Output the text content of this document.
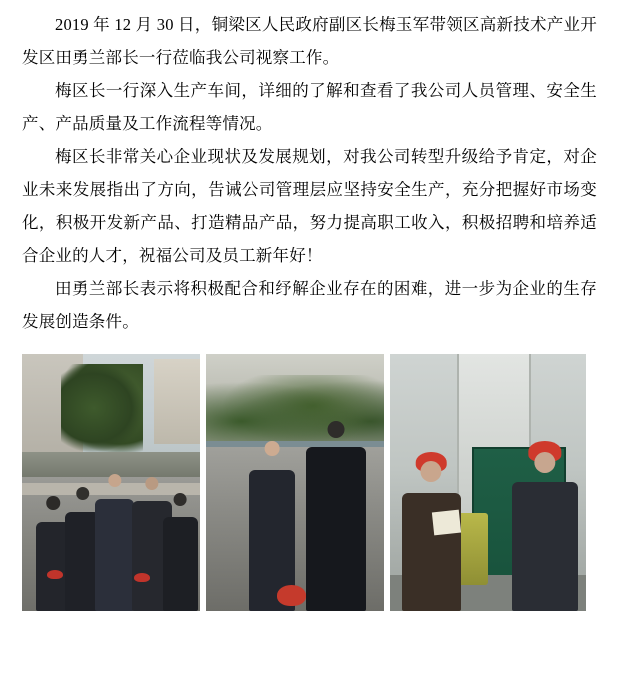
2019 年 12 月 30 日，铜梁区人民政府副区长梅玉军带领区高新技术产业开发区田勇兰部长一行莅临我公司视察工作。

梅区长一行深入生产车间，详细的了解和查看了我公司人员管理、安全生产、产品质量及工作流程等情况。

梅区长非常关心企业现状及发展规划，对我公司转型升级给予肯定，对企业未来发展指出了方向，告诫公司管理层应坚持安全生产，充分把握好市场变化，积极开发新产品、打造精品产品，努力提高职工收入，积极招聘和培养适合企业的人才，祝福公司及员工新年好！

田勇兰部长表示将积极配合和纾解企业存在的困难，进一步为企业的生存发展创造条件。
